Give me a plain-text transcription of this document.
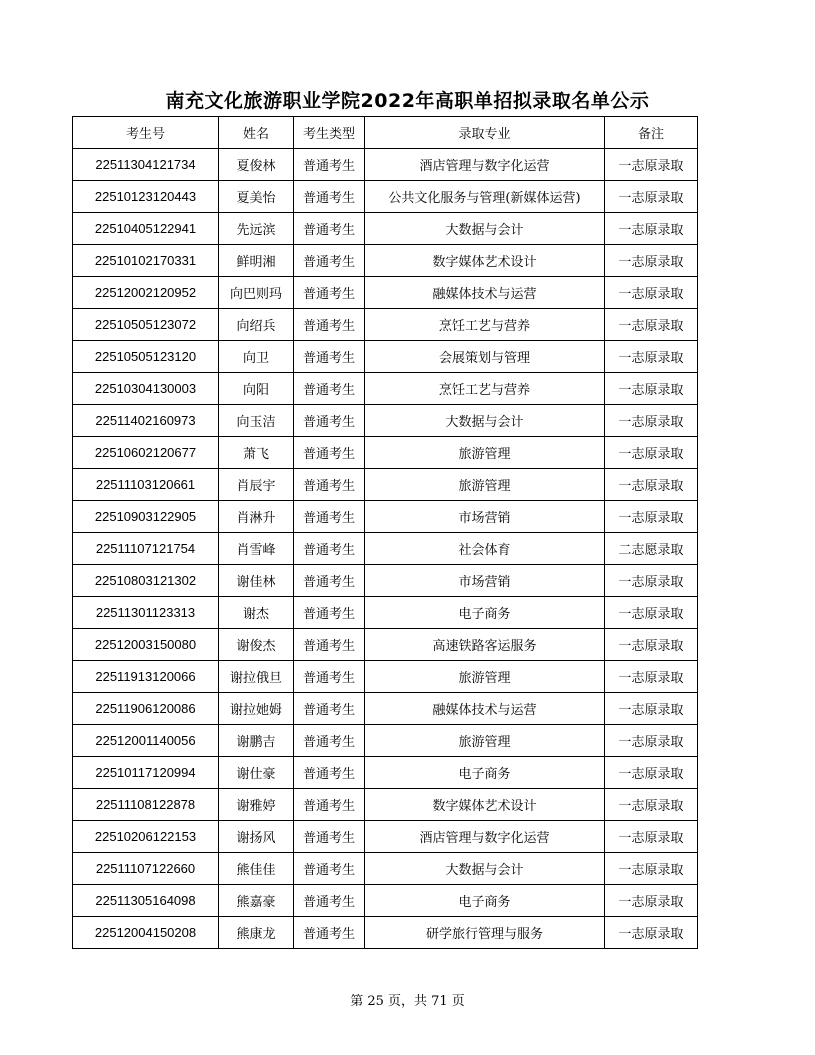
南充文化旅游职业学院2022年高职单招拟录取名单公示
考生号	姓名	考生类型	录取专业	备注
22511304121734	夏俊林	普通考生	酒店管理与数字化运营	一志原录取
22510123120443	夏美怡	普通考生	公共文化服务与管理(新媒体运营)	一志原录取
22510405122941	先远滨	普通考生	大数据与会计	一志原录取
22510102170331	鲜明湘	普通考生	数字媒体艺术设计	一志原录取
22512002120952	向巴则玛	普通考生	融媒体技术与运营	一志原录取
22510505123072	向绍兵	普通考生	烹饪工艺与营养	一志原录取
22510505123120	向卫	普通考生	会展策划与管理	一志原录取
22510304130003	向阳	普通考生	烹饪工艺与营养	一志原录取
22511402160973	向玉洁	普通考生	大数据与会计	一志原录取
22510602120677	萧飞	普通考生	旅游管理	一志原录取
22511103120661	肖辰宇	普通考生	旅游管理	一志原录取
22510903122905	肖淋升	普通考生	市场营销	一志原录取
22511107121754	肖雪峰	普通考生	社会体育	二志愿录取
22510803121302	谢佳林	普通考生	市场营销	一志原录取
22511301123313	谢杰	普通考生	电子商务	一志原录取
22512003150080	谢俊杰	普通考生	高速铁路客运服务	一志原录取
22511913120066	谢拉俄旦	普通考生	旅游管理	一志原录取
22511906120086	谢拉她姆	普通考生	融媒体技术与运营	一志原录取
22512001140056	谢鹏吉	普通考生	旅游管理	一志原录取
22510117120994	谢仕豪	普通考生	电子商务	一志原录取
22511108122878	谢雅婷	普通考生	数字媒体艺术设计	一志原录取
22510206122153	谢扬风	普通考生	酒店管理与数字化运营	一志原录取
22511107122660	熊佳佳	普通考生	大数据与会计	一志原录取
22511305164098	熊嘉豪	普通考生	电子商务	一志原录取
22512004150208	熊康龙	普通考生	研学旅行管理与服务	一志原录取
第 25 页，共 71 页
